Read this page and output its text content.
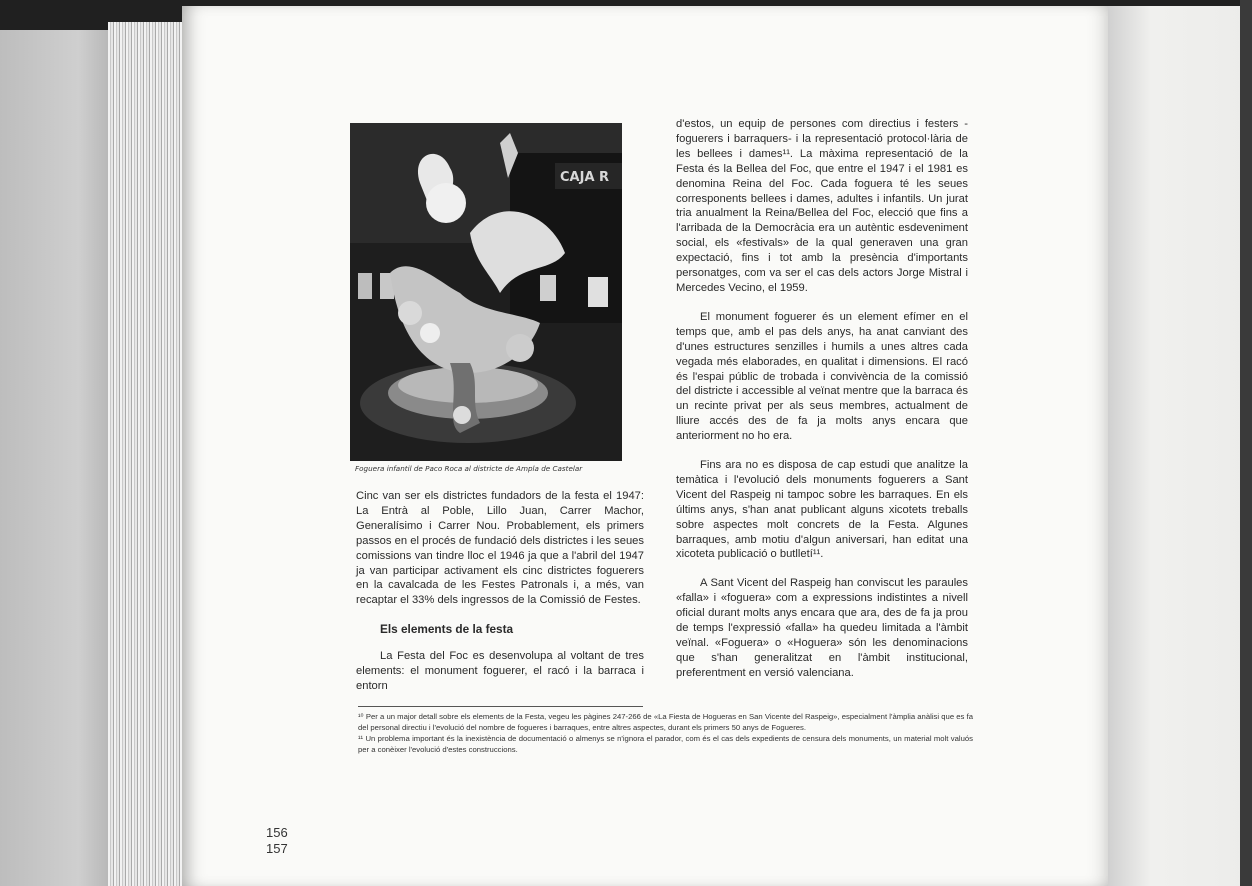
CAJA R
Foguera infantil de Paco Roca al districte de Ampla de Castelar

Cinc van ser els districtes fundadors de la festa el 1947: La Entrà al Poble, Lillo Juan, Carrer Machor, Generalísimo i Carrer Nou. Probablement, els primers passos en el procés de fundació dels districtes i les seues comissions van tindre lloc el 1946 ja que a l'abril del 1947 ja van participar activament els cinc districtes foguerers en la cavalcada de les Festes Patronals i, a més, van recaptar el 33% dels ingressos de la Comissió de Festes.

Els elements de la festa

La Festa del Foc es desenvolupa al voltant de tres elements: el monument foguerer, el racó i la barraca i entorn

d'estos, un equip de persones com directius i festers - foguerers i barraquers- i la representació protocol·lària de les bellees i dames¹¹. La màxima representació de la Festa és la Bellea del Foc, que entre el 1947 i el 1981 es denomina Reina del Foc. Cada foguera té les seues corresponents bellees i dames, adultes i infantils. Un jurat tria anualment la Reina/Bellea del Foc, elecció que fins a l'arribada de la Democràcia era un autèntic esdeveniment social, els «festivals» de la qual generaven una gran expectació, fins i tot amb la presència d'importants personatges, com va ser el cas dels actors Jorge Mistral i Mercedes Vecino, el 1959.

El monument foguerer és un element efímer en el temps que, amb el pas dels anys, ha anat canviant des d'unes estructures senzilles i humils a unes altres cada vegada més elaborades, en qualitat i dimensions. El racó és l'espai públic de trobada i convivència de la comissió del districte i accessible al veïnat mentre que la barraca és un recinte privat per als seus membres, actualment de lliure accés des de fa ja molts anys encara que anteriorment no ho era.

Fins ara no es disposa de cap estudi que analitze la temàtica i l'evolució dels monuments foguerers a Sant Vicent del Raspeig ni tampoc sobre les barraques. En els últims anys, s'han anat publicant alguns xicotets treballs sobre aspectes molt concrets de la Festa. Algunes barraques, amb motiu d'algun aniversari, han editat una xicoteta publicació o butlletí¹¹.

A Sant Vicent del Raspeig han conviscut les paraules «falla» i «foguera» com a expressions indistintes a nivell oficial durant molts anys encara que ara, des de fa ja prou de temps l'expressió «falla» ha quedeu limitada a l'àmbit veïnal. «Foguera» o «Hoguera» són les denominacions que s'han generalitzat en l'àmbit institucional, preferentment en versió valenciana.

¹⁰ Per a un major detall sobre els elements de la Festa, vegeu les pàgines 247-266 de «La Fiesta de Hogueras en San Vicente del Raspeig», especialment l'àmplia anàlisi que es fa del personal directiu i l'evolució del nombre de fogueres i barraques, entre altres aspectes, durant els primers 50 anys de Fogueres.

¹¹ Un problema important és la inexistència de documentació o almenys se n'ignora el parador, com és el cas dels expedients de censura dels monuments, un material molt valuós per a conèixer l'evolució d'estes construccions.

156
157
